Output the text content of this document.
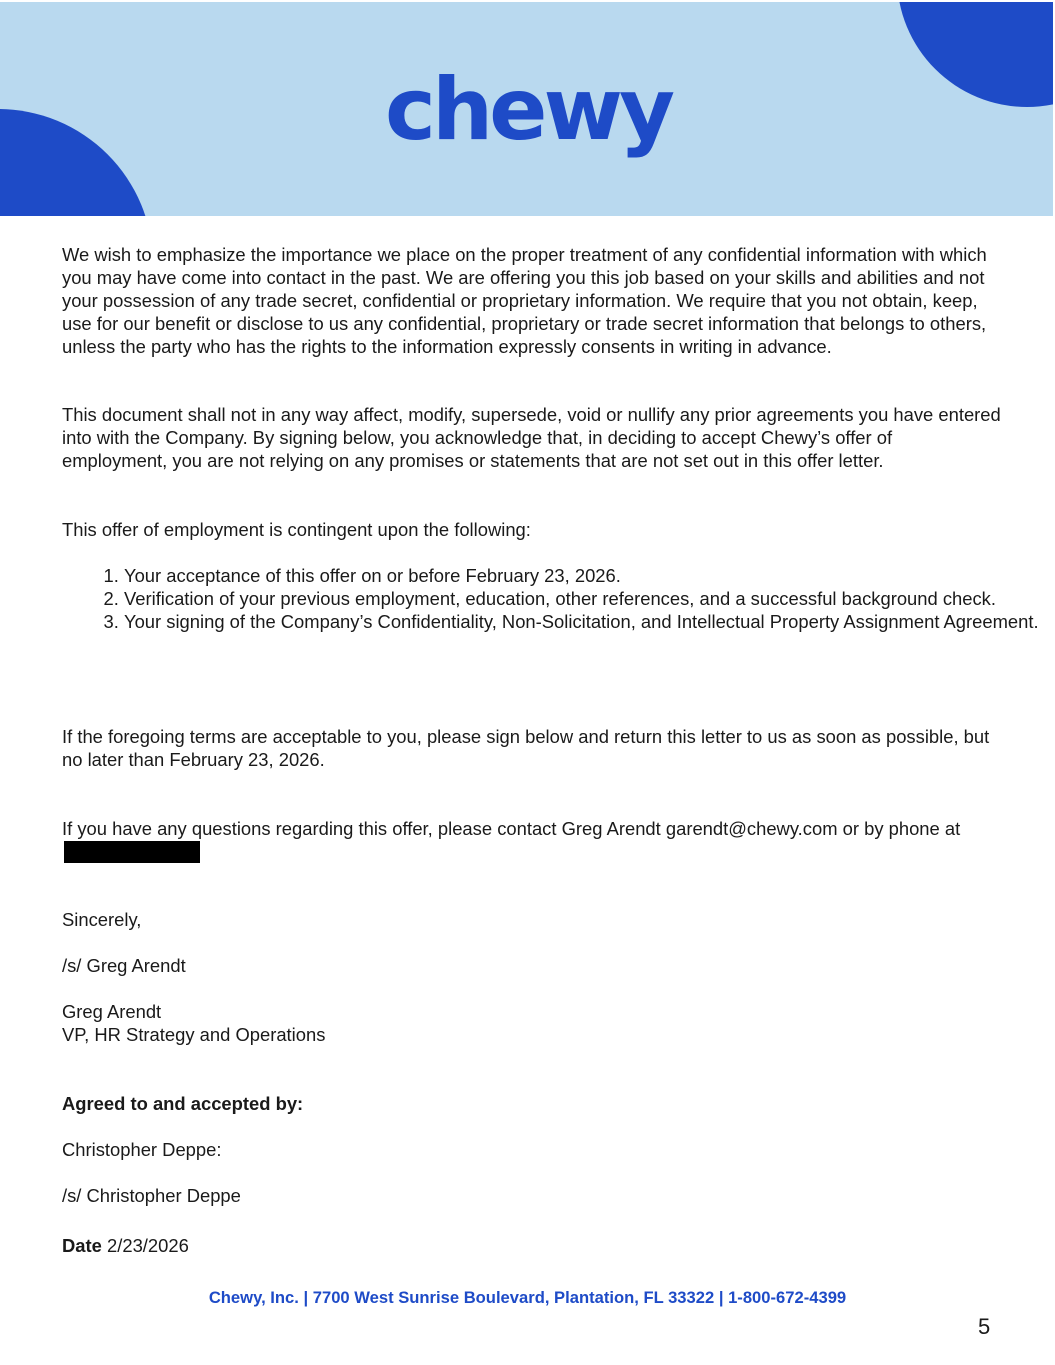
chewy

We wish to emphasize the importance we place on the proper treatment of any confidential information with which you may have come into contact in the past. We are offering you this job based on your skills and abilities and not your possession of any trade secret, confidential or proprietary information. We require that you not obtain, keep, use for our benefit or disclose to us any confidential, proprietary or trade secret information that belongs to others, unless the party who has the rights to the information expressly consents in writing in advance.

This document shall not in any way affect, modify, supersede, void or nullify any prior agreements you have entered into with the Company. By signing below, you acknowledge that, in deciding to accept Chewy’s offer of employment, you are not relying on any promises or statements that are not set out in this offer letter.

This offer of employment is contingent upon the following:

1. Your acceptance of this offer on or before February 23, 2026.
2. Verification of your previous employment, education, other references, and a successful background check.
3. Your signing of the Company’s Confidentiality, Non-Solicitation, and Intellectual Property Assignment Agreement.

If the foregoing terms are acceptable to you, please sign below and return this letter to us as soon as possible, but no later than February 23, 2026.

If you have any questions regarding this offer, please contact Greg Arendt garendt@chewy.com or by phone at

Sincerely,

/s/ Greg Arendt

Greg Arendt

VP, HR Strategy and Operations

Agreed to and accepted by:

Christopher Deppe:

/s/ Christopher Deppe

Date 2/23/2026

Chewy, Inc. | 7700 West Sunrise Boulevard, Plantation, FL 33322 | 1-800-672-4399
5
